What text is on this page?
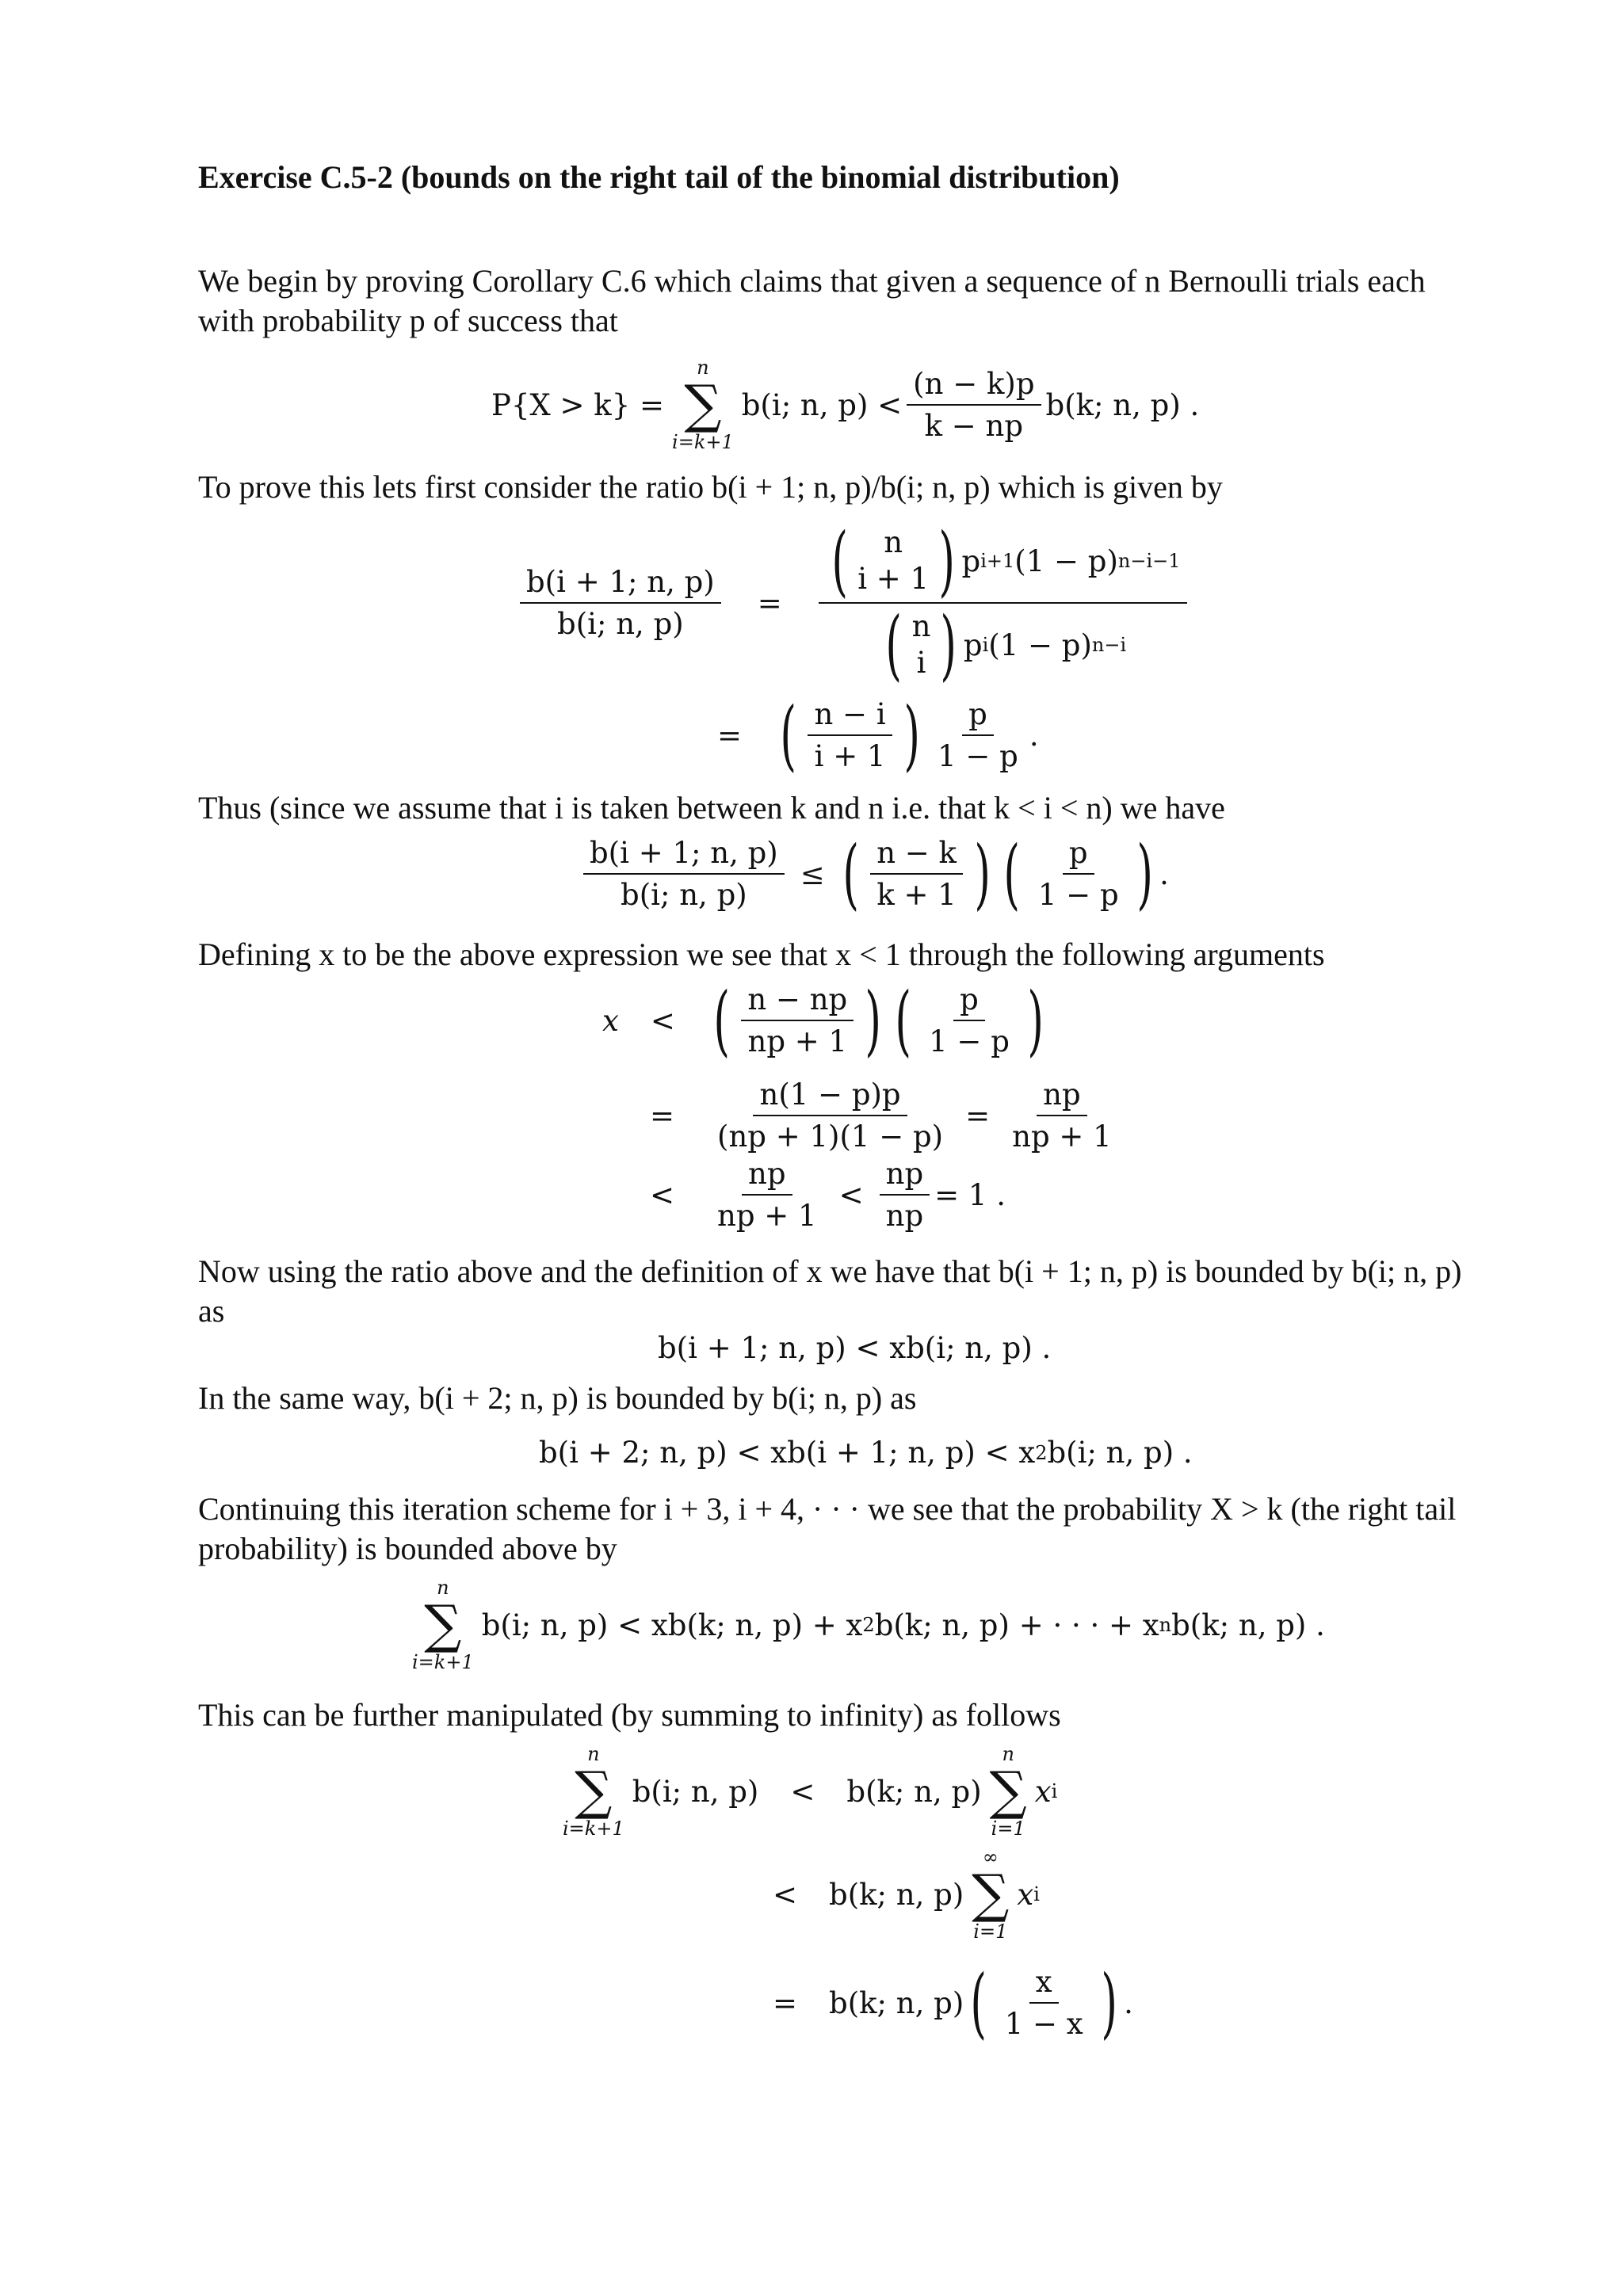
Exercise C.5-2 (bounds on the right tail of the binomial distribution)
We begin by proving Corollary C.6 which claims that given a sequence of n Bernoulli trials each with probability p of success that
P{X > k} =
n
∑
i=k+1
b(i; n, $p) < \frac{(n - k)p}{k - np} b(k$; n, p) .
To prove this lets first consider the ratio b(i + 1; n, p)/b(i; n, p) which is given by
$\frac{b(i + 1; n, p)}{b(i; n, p)}$ = ( n
i + 1 ) p i+1 (1 − p) n−i−1
( n
i ) p i (1 − p) n−i
= ( $\frac{n - i}{i + 1}$ ) $\frac{p}{1 - p}$ .
Thus (since we assume that i is taken between k and n i.e. that k < i < n) we have
$\frac{b(i + 1; n, p)}{b(i; n, p)}$ ≤ ( $\frac{n - k}{k + 1}$ ) ( $\frac{p}{1 - p}$ ) .
Defining x to be the above expression we see that x < 1 through the following arguments
x < ( $\frac{n - np}{np + 1}$ ) ( $\frac{p}{1 - p}$ )
= $\frac{n(1 - p)p}{(np + 1)(1 - p)} = \frac{np}{np + 1}$
< $\frac{np}{np + 1} < \frac{np}{np} = 1$ .
Now using the ratio above and the definition of x we have that b(i + 1; n, p) is bounded by b(i; n, p) as
b(i + 1; n, p) < xb(i; n, p) .
In the same way, b(i + 2; n, p) is bounded by b(i; n, p) as
b(i + 2; n, p) < xb(i + 1; n, p) < x 2 b(i; n, p) .
Continuing this iteration scheme for i + 3, i + 4, · · · we see that the probability X > k (the right tail probability) is bounded above by
n
∑
i=k+1
b(i; n, p) < xb(k; n, p) + x 2 b(k; n, p) + · · · + x n b(k; n, p) .
This can be further manipulated (by summing to infinity) as follows
n
∑
i=k+1
b(i; n, p) < b(k; n, p)
n
∑
i=1
x i
< b(k; n, p)
∞
∑
i=1
x i
= b(k; n, p) ( $\frac{x}{1 - x}$ ) .
